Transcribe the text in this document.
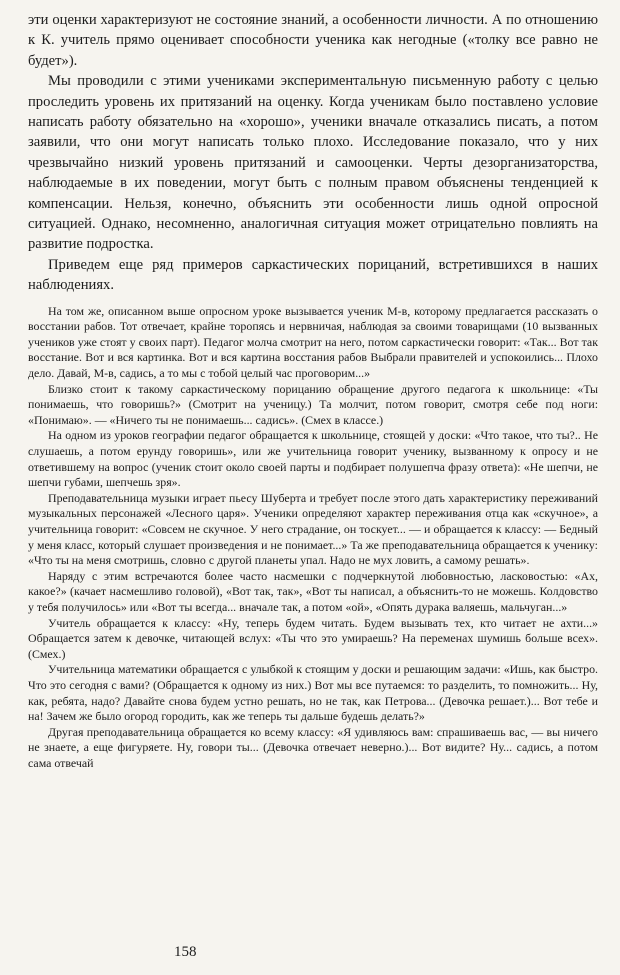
эти оценки характеризуют не состояние знаний, а особенности личности. А по отношению к К. учитель прямо оценивает способности ученика как негодные («толку все равно не будет»).

Мы проводили с этими учениками экспериментальную письменную работу с целью проследить уровень их притязаний на оценку. Когда ученикам было поставлено условие написать работу обязательно на «хорошо», ученики вначале отказались писать, а потом заявили, что они могут написать только плохо. Исследование показало, что у них чрезвычайно низкий уровень притязаний и самооценки. Черты дезорганизаторства, наблюдаемые в их поведении, могут быть с полным правом объяснены тенденцией к компенсации. Нельзя, конечно, объяснить эти особенности лишь одной опросной ситуацией. Однако, несомненно, аналогичная ситуация может отрицательно повлиять на развитие подростка.

Приведем еще ряд примеров саркастических порицаний, встретившихся в наших наблюдениях.

На том же, описанном выше опросном уроке вызывается ученик М-в, которому предлагается рассказать о восстании рабов. Тот отвечает, крайне торопясь и нервничая, наблюдая за своими товарищами (10 вызванных учеников уже стоят у своих парт). Педагог молча смотрит на него, потом саркастически говорит: «Так... Вот так восстание. Вот и вся картинка. Вот и вся картина восстания рабов Выбрали правителей и успокоились... Плохо дело. Давай, М-в, садись, а то мы с тобой целый час проговорим...»

Близко стоит к такому саркастическому порицанию обращение другого педагога к школьнице: «Ты понимаешь, что говоришь?» (Смотрит на ученицу.) Та молчит, потом говорит, смотря себе под ноги: «Понимаю». — «Ничего ты не понимаешь... садись». (Смех в классе.)

На одном из уроков географии педагог обращается к школьнице, стоящей у доски: «Что такое, что ты?.. Не слушаешь, а потом ерунду говоришь», или же учительница говорит ученику, вызванному к опросу и не ответившему на вопрос (ученик стоит около своей парты и подбирает полушепча фразу ответа): «Не шепчи, не шепчи губами, шепчешь зря».

Преподавательница музыки играет пьесу Шуберта и требует после этого дать характеристику переживаний музыкальных персонажей «Лесного царя». Ученики определяют характер переживания отца как «скучное», а учительница говорит: «Совсем не скучное. У него страдание, он тоскует... — и обращается к классу: — Бедный у меня класс, который слушает произведения и не понимает...» Та же преподавательница обращается к ученику: «Что ты на меня смотришь, словно с другой планеты упал. Надо не мух ловить, а самому решать».

Наряду с этим встречаются более часто насмешки с подчеркнутой любовностью, ласковостью: «Ах, какое?» (качает насмешливо головой), «Вот так, так», «Вот ты написал, а объяснить-то не можешь. Колдовство у тебя получилось» или «Вот ты всегда... вначале так, а потом «ой», «Опять дурака валяешь, мальчуган...»

Учитель обращается к классу: «Ну, теперь будем читать. Будем вызывать тех, кто читает не ахти...» Обращается затем к девочке, читающей вслух: «Ты что это умираешь? На переменах шумишь больше всех». (Смех.)

Учительница математики обращается с улыбкой к стоящим у доски и решающим задачи: «Ишь, как быстро. Что это сегодня с вами? (Обращается к одному из них.) Вот мы все путаемся: то разделить, то помножить... Ну, как, ребята, надо? Давайте снова будем устно решать, но не так, как Петрова... (Девочка решает.)... Вот тебе и на! Зачем же было огород городить, как же теперь ты дальше будешь делать?»

Другая преподавательница обращается ко всему классу: «Я удивляюсь вам: спрашиваешь вас, — вы ничего не знаете, а еще фигуряете. Ну, говори ты... (Девочка отвечает неверно.)... Вот видите? Ну... садись, а потом сама отвечай

158
